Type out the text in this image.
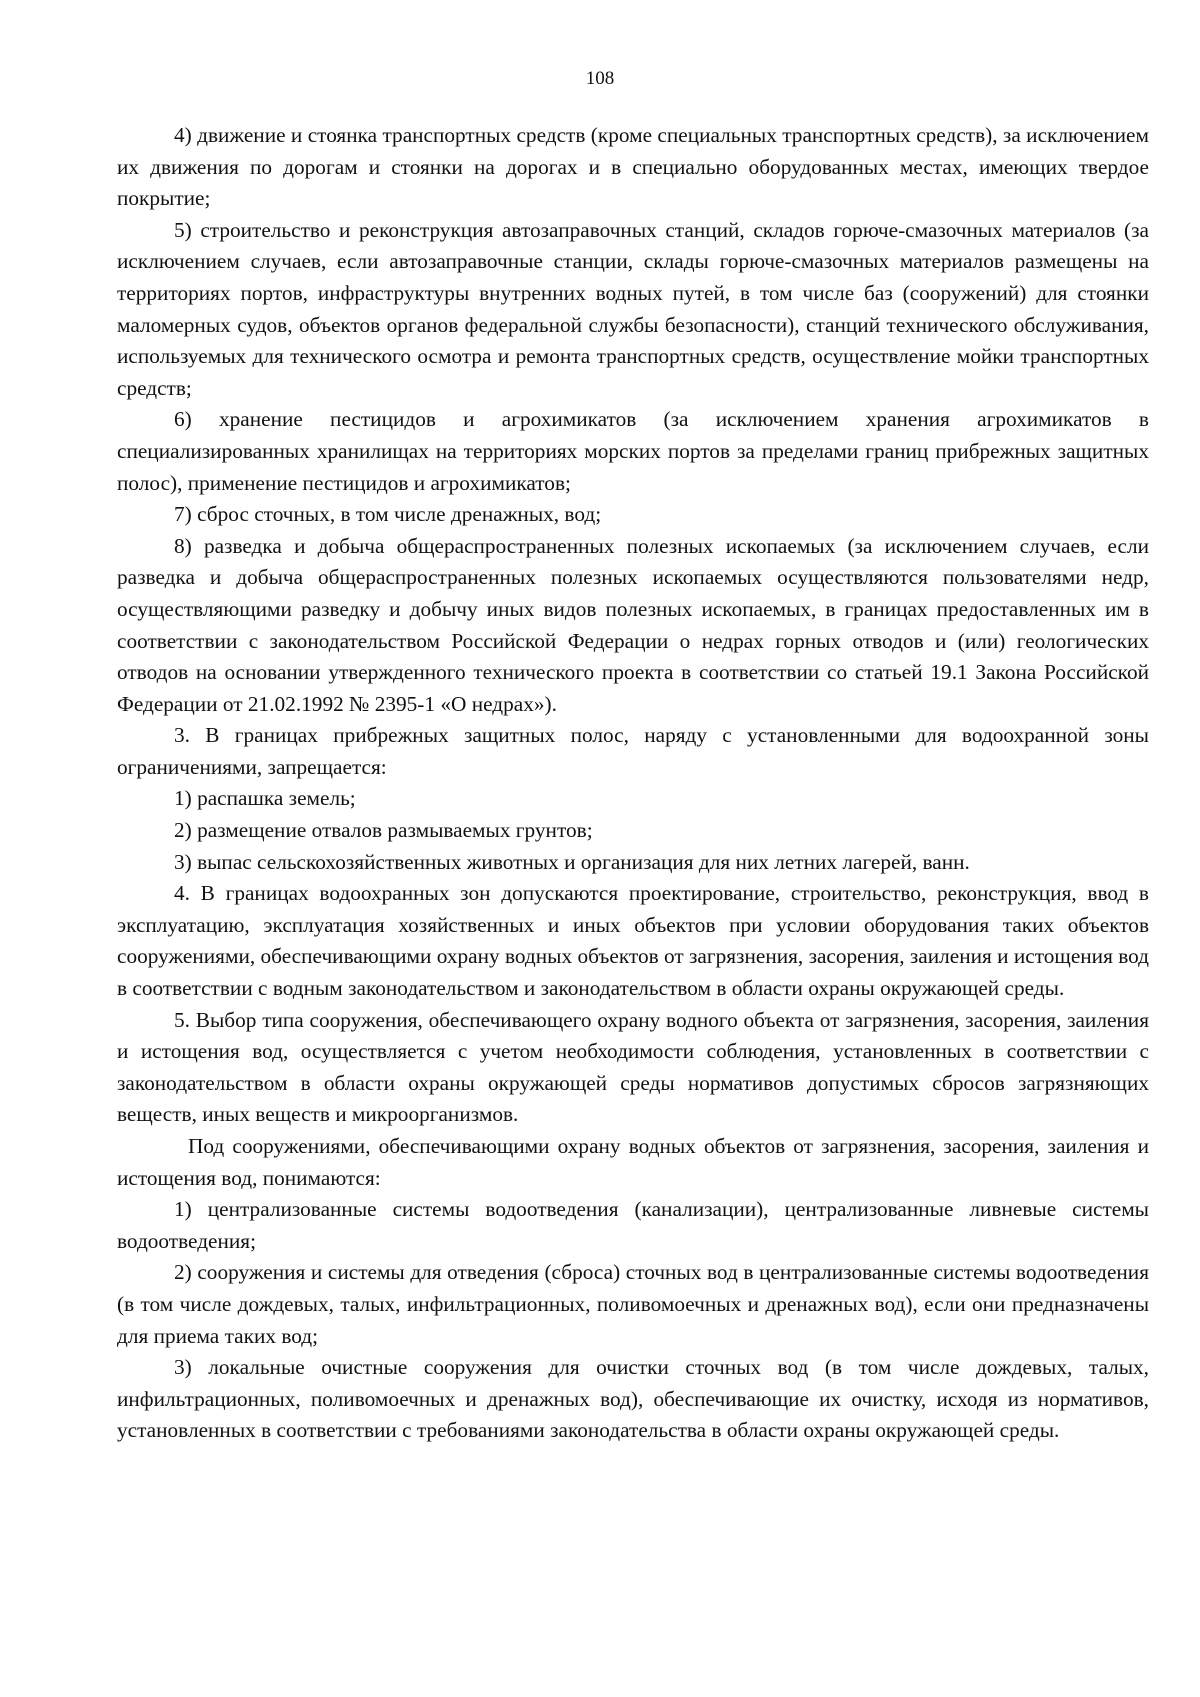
108

4) движение и стоянка транспортных средств (кроме специальных транспортных средств), за исключением их движения по дорогам и стоянки на дорогах и в специально оборудованных местах, имеющих твердое покрытие;

5) строительство и реконструкция автозаправочных станций, складов горюче-смазочных материалов (за исключением случаев, если автозаправочные станции, склады горюче-смазочных материалов размещены на территориях портов, инфраструктуры внутренних водных путей, в том числе баз (сооружений) для стоянки маломерных судов, объектов органов федеральной службы безопасности), станций технического обслуживания, используемых для технического осмотра и ремонта транспортных средств, осуществление мойки транспортных средств;

6) хранение пестицидов и агрохимикатов (за исключением хранения агрохимикатов в специализированных хранилищах на территориях морских портов за пределами границ прибрежных защитных полос), применение пестицидов и агрохимикатов;

7) сброс сточных, в том числе дренажных, вод;

8) разведка и добыча общераспространенных полезных ископаемых (за исключением случаев, если разведка и добыча общераспространенных полезных ископаемых осуществляются пользователями недр, осуществляющими разведку и добычу иных видов полезных ископаемых, в границах предоставленных им в соответствии с законодательством Российской Федерации о недрах горных отводов и (или) геологических отводов на основании утвержденного технического проекта в соответствии со статьей 19.1 Закона Российской Федерации от 21.02.1992 № 2395-1 «О недрах»).

3. В границах прибрежных защитных полос, наряду с установленными для водоохранной зоны ограничениями, запрещается:

1) распашка земель;

2) размещение отвалов размываемых грунтов;

3) выпас сельскохозяйственных животных и организация для них летних лагерей, ванн.

4. В границах водоохранных зон допускаются проектирование, строительство, реконструкция, ввод в эксплуатацию, эксплуатация хозяйственных и иных объектов при условии оборудования таких объектов сооружениями, обеспечивающими охрану водных объектов от загрязнения, засорения, заиления и истощения вод в соответствии с водным законодательством и законодательством в области охраны окружающей среды.

5. Выбор типа сооружения, обеспечивающего охрану водного объекта от загрязнения, засорения, заиления и истощения вод, осуществляется с учетом необходимости соблюдения, установленных в соответствии с законодательством в области охраны окружающей среды нормативов допустимых сбросов загрязняющих веществ, иных веществ и микроорганизмов.

Под сооружениями, обеспечивающими охрану водных объектов от загрязнения, засорения, заиления и истощения вод, понимаются:

1) централизованные системы водоотведения (канализации), централизованные ливневые системы водоотведения;

2) сооружения и системы для отведения (сброса) сточных вод в централизованные системы водоотведения (в том числе дождевых, талых, инфильтрационных, поливомоечных и дренажных вод), если они предназначены для приема таких вод;

3) локальные очистные сооружения для очистки сточных вод (в том числе дождевых, талых, инфильтрационных, поливомоечных и дренажных вод), обеспечивающие их очистку, исходя из нормативов, установленных в соответствии с требованиями законодательства в области охраны окружающей среды.
